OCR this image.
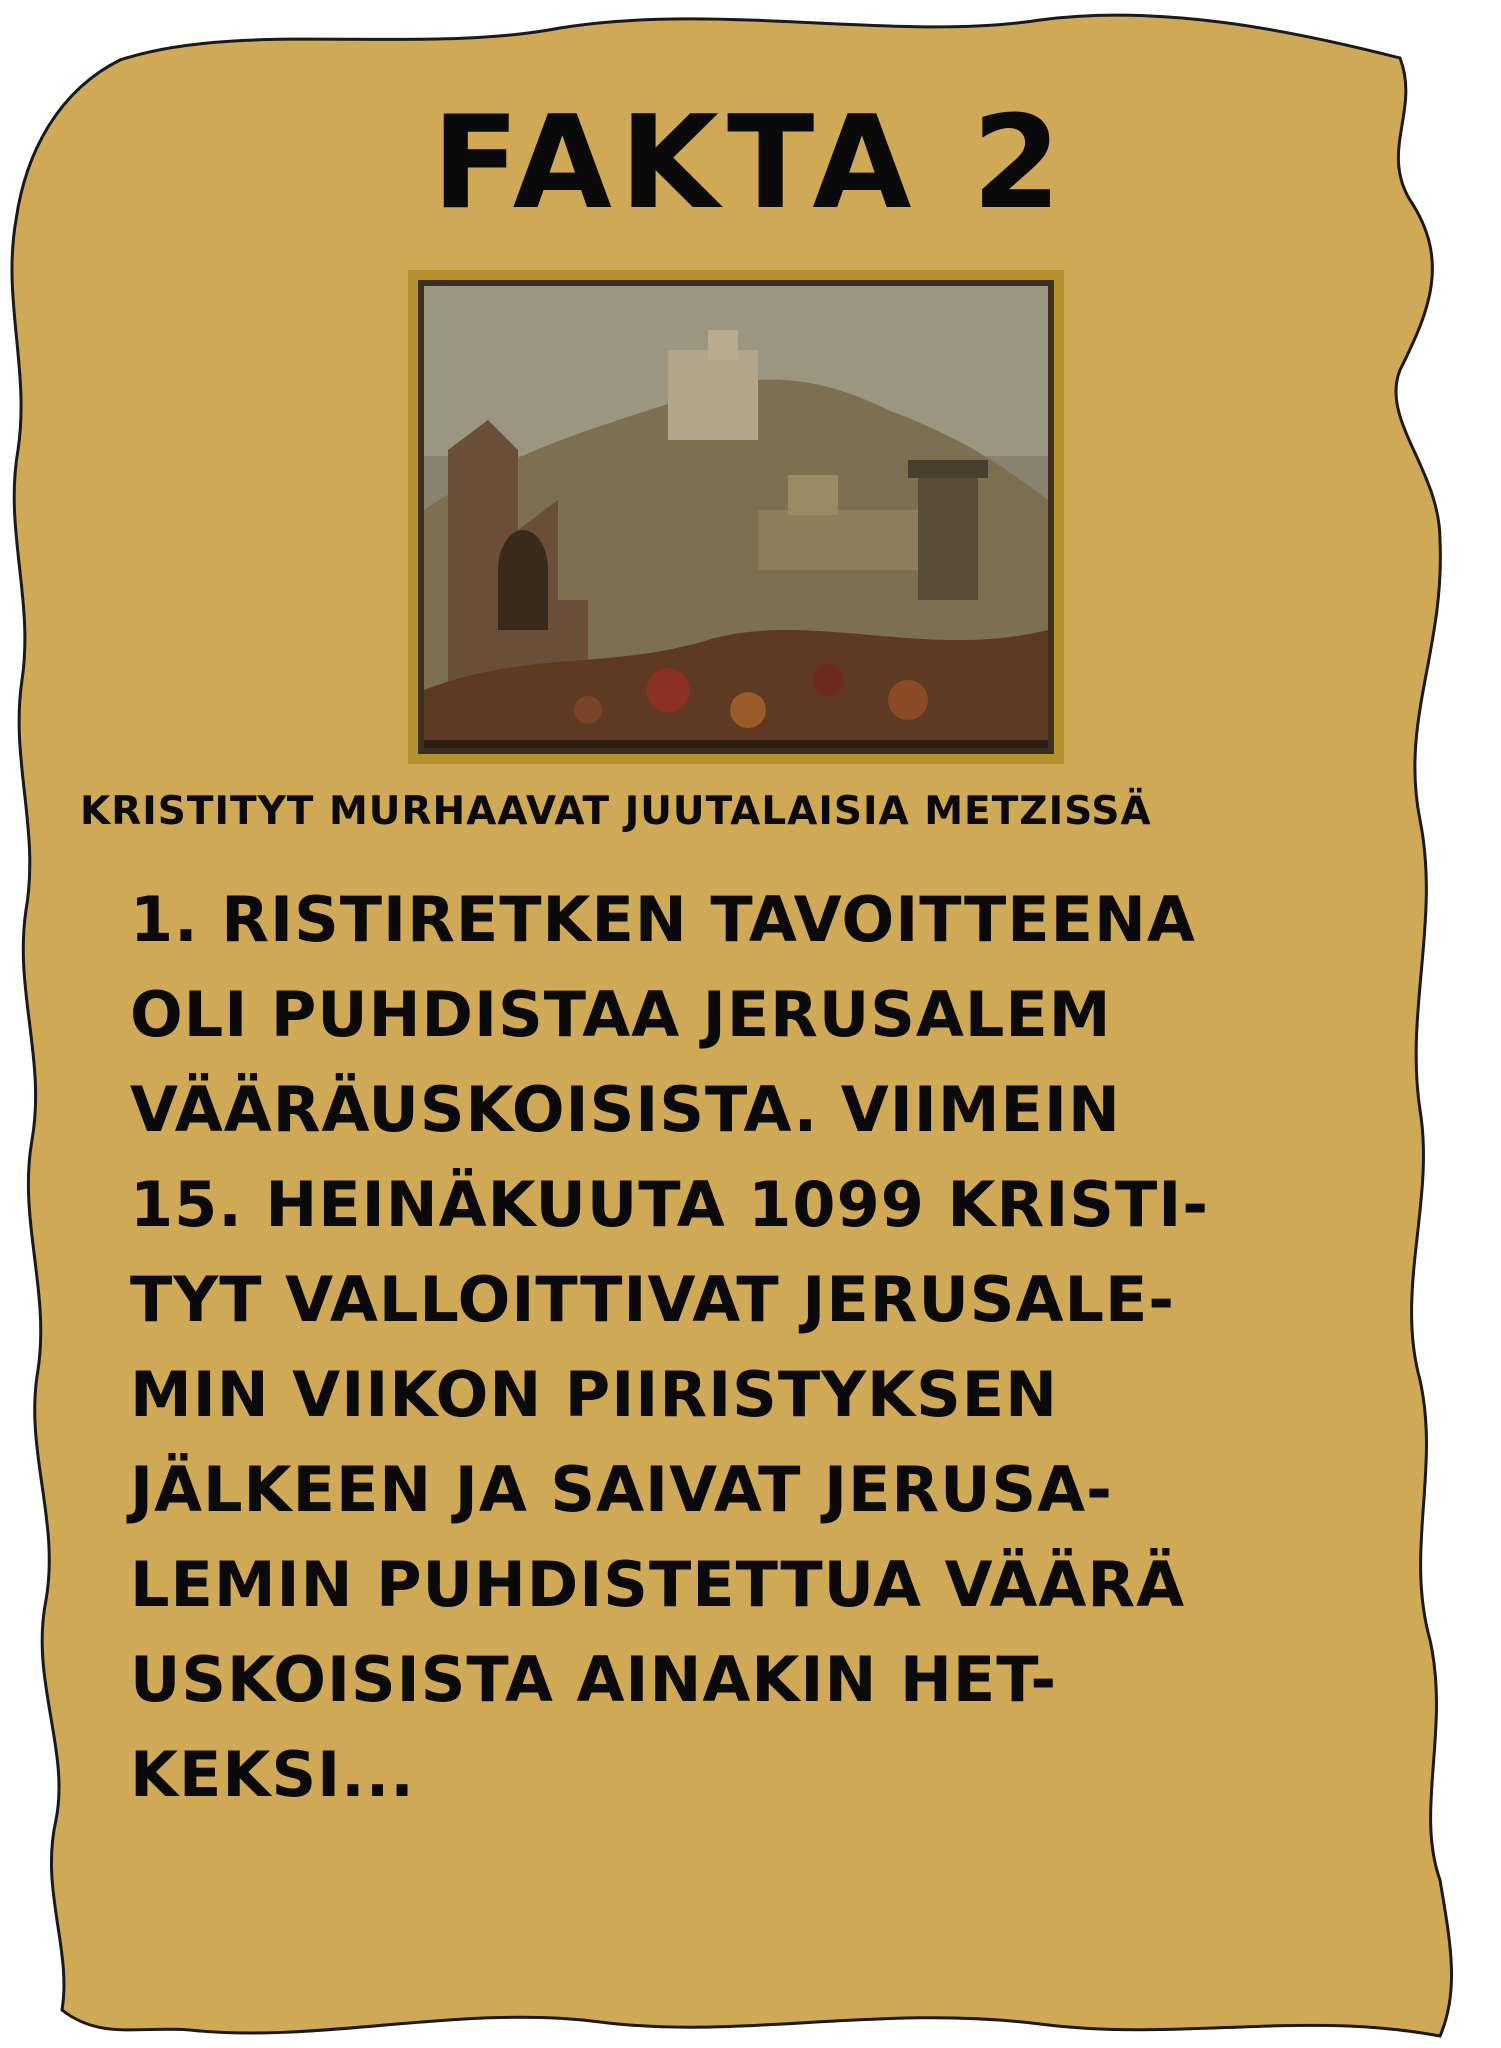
FAKTA 2
KRISTITYT MURHAAVAT JUUTALAISIA METZISSÄ
1. RISTIRETKEN TAVOITTEENA
OLI PUHDISTAA JERUSALEM
VÄÄRÄUSKOISISTA. VIIMEIN
15. HEINÄKUUTA 1099 KRISTI-
TYT VALLOITTIVAT JERUSALE-
MIN VIIKON PIIRISTYKSEN
JÄLKEEN JA SAIVAT JERUSA-
LEMIN PUHDISTETTUA VÄÄRÄ
USKOISISTA AINAKIN HET-
KEKSI...
